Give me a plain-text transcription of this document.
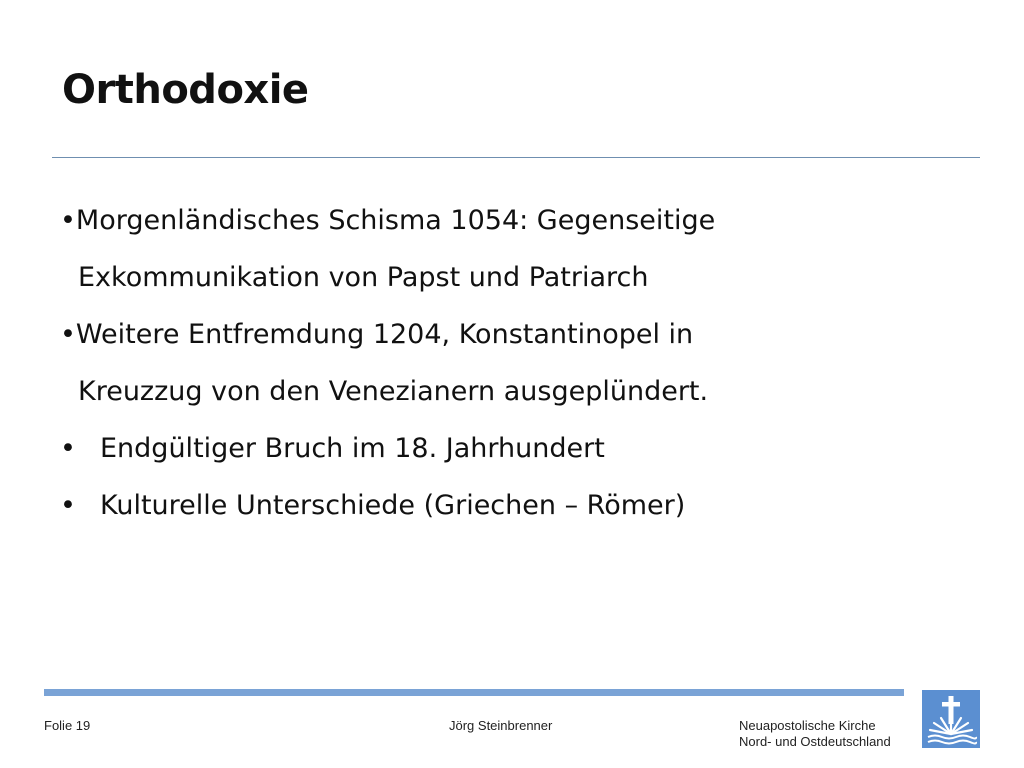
Orthodoxie
•Morgenländisches Schisma 1054: Gegenseitige
Exkommunikation von Papst und Patriarch
•Weitere Entfremdung 1204, Konstantinopel in
Kreuzzug von den Venezianern ausgeplündert.
• Endgültiger Bruch im 18. Jahrhundert
• Kulturelle Unterschiede (Griechen – Römer)
Folie 19	Jörg Steinbrenner	Neuapostolische Kirche
Nord- und Ostdeutschland
